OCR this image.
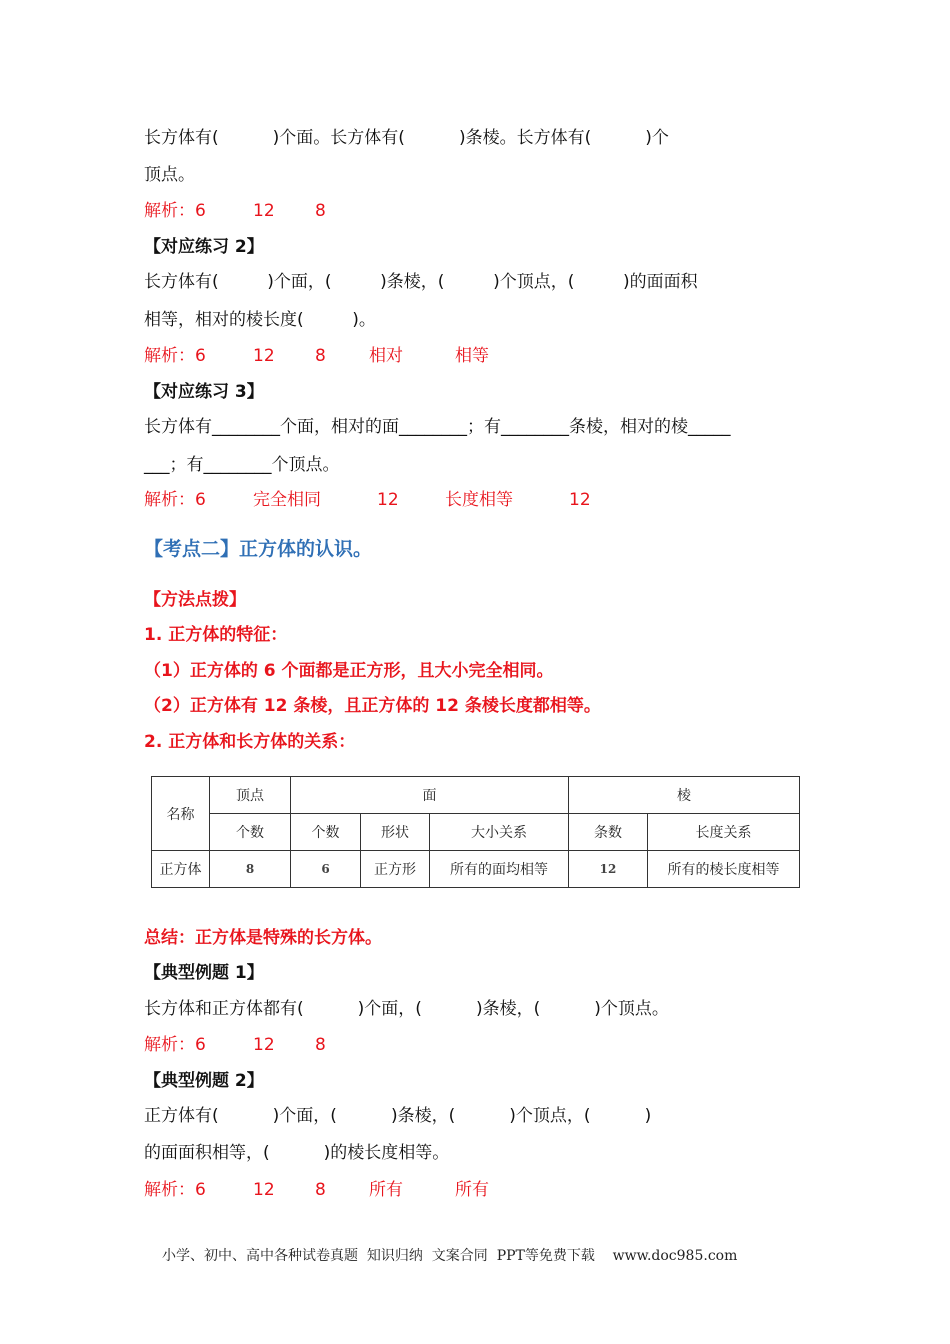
长方体有(          )个面。长方体有(          )条棱。长方体有(          )个
顶点。
解析：6	12 8
【对应练习 2】
长方体有(         )个面，(         )条棱，(         )个顶点，(         )的面面积
相等，相对的棱长度(         )。
解析：6	12 8	相对	相等
【对应练习 3】
长方体有________个面，相对的面________；有________条棱，相对的棱_____
___；有________个顶点。
解析：6	完全相同	12	长度相等	12
【考点二】正方体的认识。
【方法点拨】
1. 正方体的特征：
（1）正方体的 6 个面都是正方形，且大小完全相同。
（2）正方体有 12 条棱，且正方体的 12 条棱长度都相等。
2. 正方体和长方体的关系：
名称	顶点	面			棱	
	个数	个数	形状	大小关系	条数	长度关系
正方体	8	6	正方形	所有的面均相等	12	所有的棱长度相等
总结：正方体是特殊的长方体。
【典型例题 1】
长方体和正方体都有(          )个面，(          )条棱，(          )个顶点。
解析：6	12 8
【典型例题 2】
正方体有(          )个面，(          )条棱，(          )个顶点，(          )
的面面积相等，(          )的棱长度相等。
解析：6	12 8	所有	所有
小学、初中、高中各种试卷真题  知识归纳  文案合同  PPT等免费下载    www.doc985.com
